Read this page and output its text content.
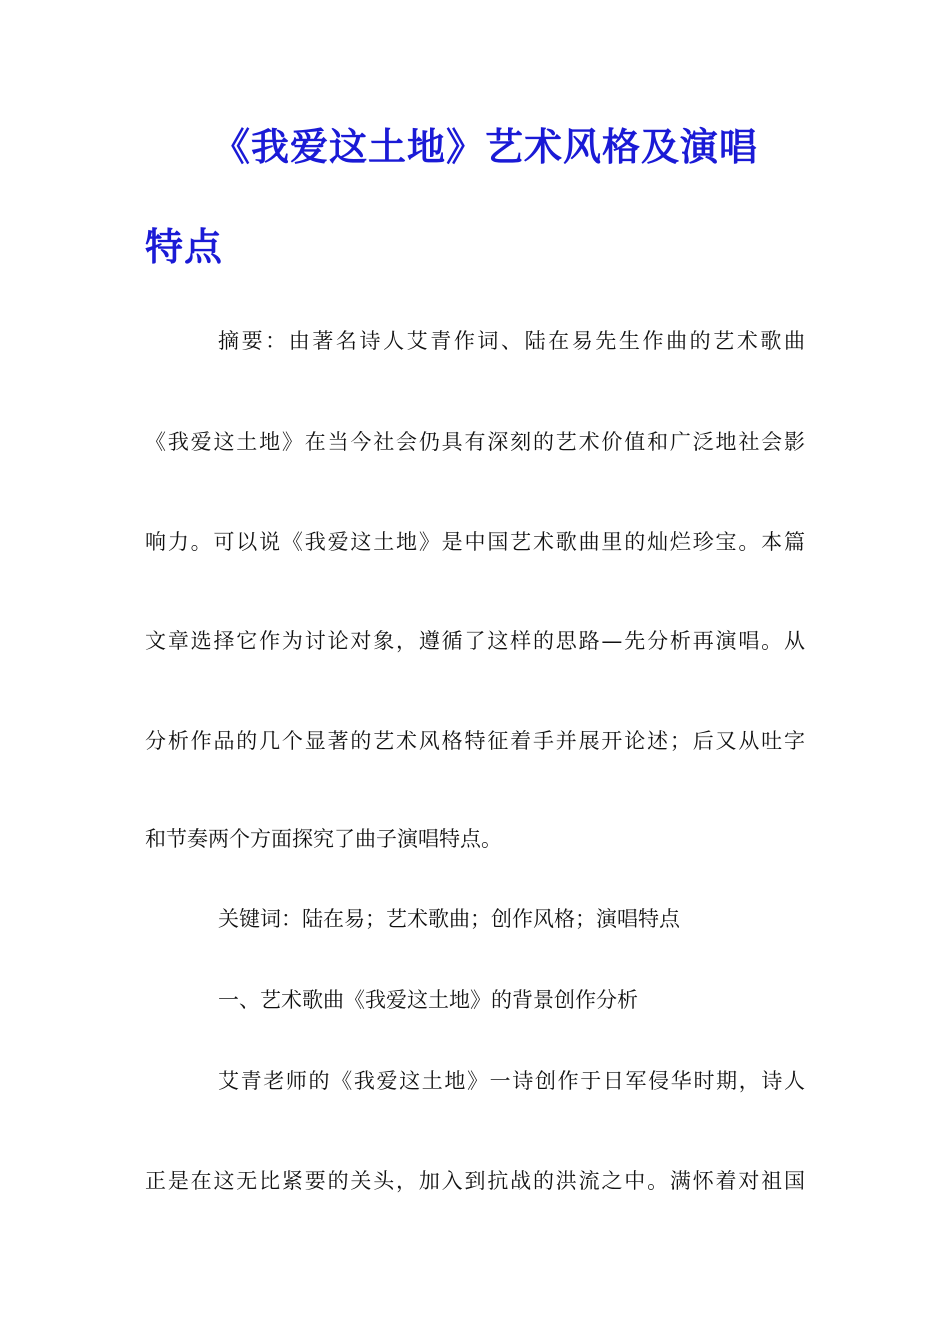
《我爱这土地》艺术风格及演唱
特点
摘要：由著名诗人艾青作词、陆在易先生作曲的艺术歌曲
《我爱这土地》在当今社会仍具有深刻的艺术价值和广泛地社会影
响力。可以说《我爱这土地》是中国艺术歌曲里的灿烂珍宝。本篇
文章选择它作为讨论对象，遵循了这样的思路—先分析再演唱。从
分析作品的几个显著的艺术风格特征着手并展开论述；后又从吐字
和节奏两个方面探究了曲子演唱特点。
关键词：陆在易；艺术歌曲；创作风格；演唱特点
一、艺术歌曲《我爱这土地》的背景创作分析
艾青老师的《我爱这土地》一诗创作于日军侵华时期，诗人
正是在这无比紧要的关头，加入到抗战的洪流之中。满怀着对祖国
